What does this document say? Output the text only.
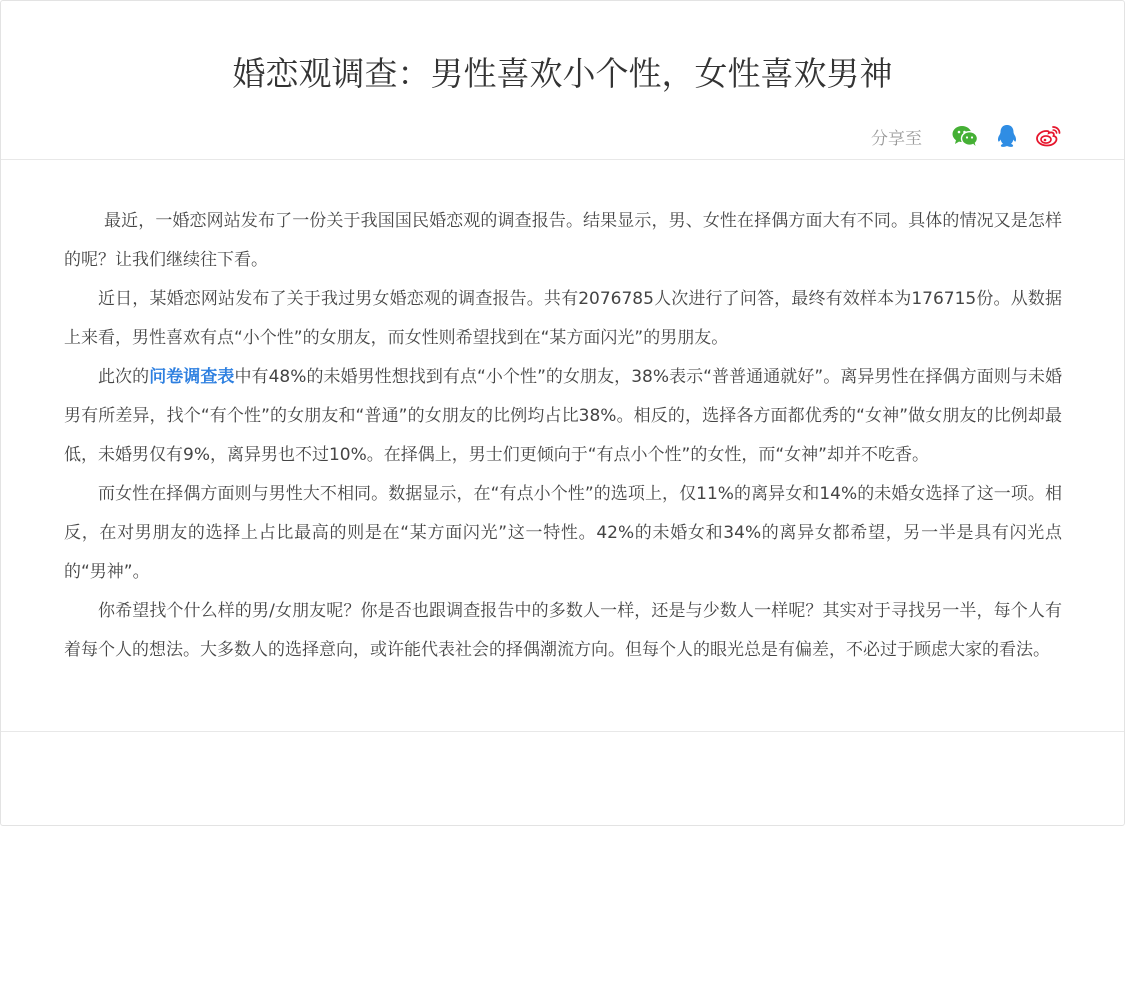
婚恋观调查：男性喜欢小个性，女性喜欢男神
分享至

最近，一婚恋网站发布了一份关于我国国民婚恋观的调查报告。结果显示，男、女性在择偶方面大有不同。具体的情况又是怎样的呢？让我们继续往下看。

近日，某婚恋网站发布了关于我过男女婚恋观的调查报告。共有2076785人次进行了问答，最终有效样本为176715份。从数据上来看，男性喜欢有点“小个性”的女朋友，而女性则希望找到在“某方面闪光”的男朋友。

此次的问卷调查表中有48%的未婚男性想找到有点“小个性”的女朋友，38%表示“普普通通就好”。离异男性在择偶方面则与未婚男有所差异，找个“有个性”的女朋友和“普通”的女朋友的比例均占比38%。相反的，选择各方面都优秀的“女神”做女朋友的比例却最低，未婚男仅有9%，离异男也不过10%。在择偶上，男士们更倾向于“有点小个性”的女性，而“女神”却并不吃香。

而女性在择偶方面则与男性大不相同。数据显示，在“有点小个性”的选项上，仅11%的离异女和14%的未婚女选择了这一项。相反，在对男朋友的选择上占比最高的则是在“某方面闪光”这一特性。42%的未婚女和34%的离异女都希望，另一半是具有闪光点的“男神”。

你希望找个什么样的男/女朋友呢？你是否也跟调查报告中的多数人一样，还是与少数人一样呢？其实对于寻找另一半，每个人有着每个人的想法。大多数人的选择意向，或许能代表社会的择偶潮流方向。但每个人的眼光总是有偏差，不必过于顾虑大家的看法。
